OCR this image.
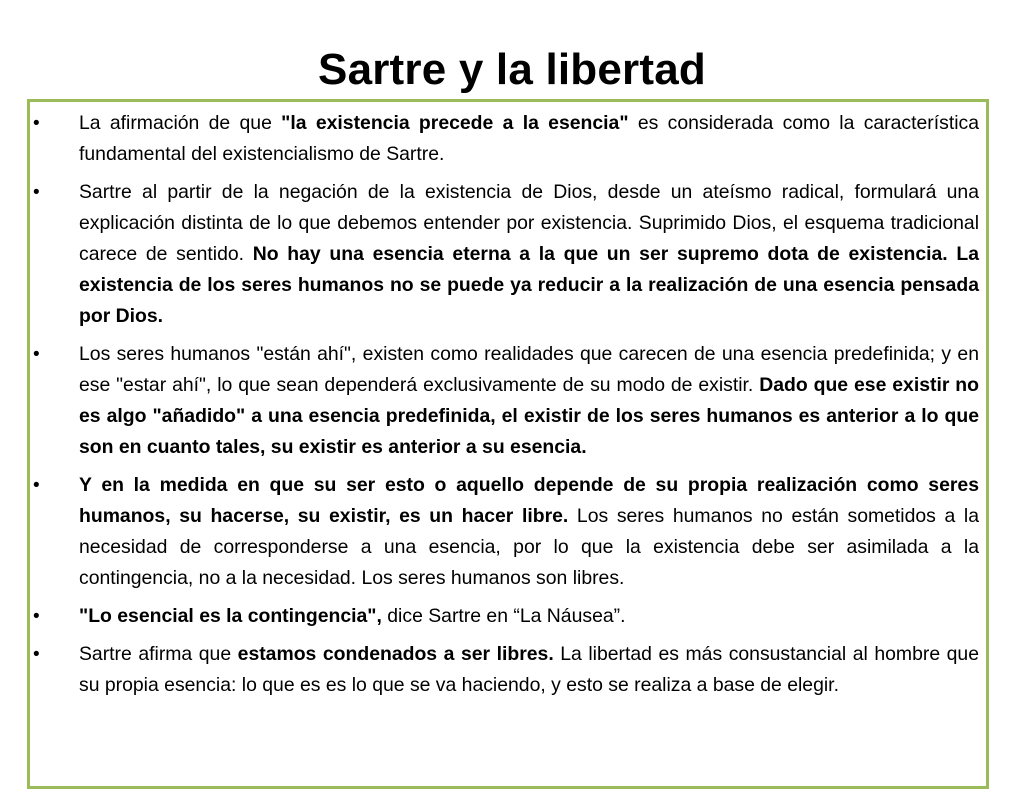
Sartre y la libertad
•	La afirmación de que "la existencia precede a la esencia" es considerada como la característica fundamental del existencialismo de Sartre.
•	Sartre al partir de la negación de la existencia de Dios, desde un ateísmo radical, formulará una explicación distinta de lo que debemos entender por existencia. Suprimido Dios, el esquema tradicional carece de sentido. No hay una esencia eterna a la que un ser supremo dota de existencia. La existencia de los seres humanos no se puede ya reducir a la realización de una esencia pensada por Dios.
•	Los seres humanos "están ahí", existen como realidades que carecen de una esencia predefinida; y en ese "estar ahí", lo que sean dependerá exclusivamente de su modo de existir. Dado que ese existir no es algo "añadido" a una esencia predefinida, el existir de los seres humanos es anterior a lo que son en cuanto tales, su existir es anterior a su esencia.
•	Y en la medida en que su ser esto o aquello depende de su propia realización como seres humanos, su hacerse, su existir, es un hacer libre. Los seres humanos no están sometidos a la necesidad de corresponderse a una esencia, por lo que la existencia debe ser asimilada a la contingencia, no a la necesidad. Los seres humanos son libres.
•	"Lo esencial es la contingencia", dice Sartre en “La Náusea”.
•	Sartre afirma que estamos condenados a ser libres. La libertad es más consustancial al hombre que su propia esencia: lo que es es lo que se va haciendo, y esto se realiza a base de elegir.
